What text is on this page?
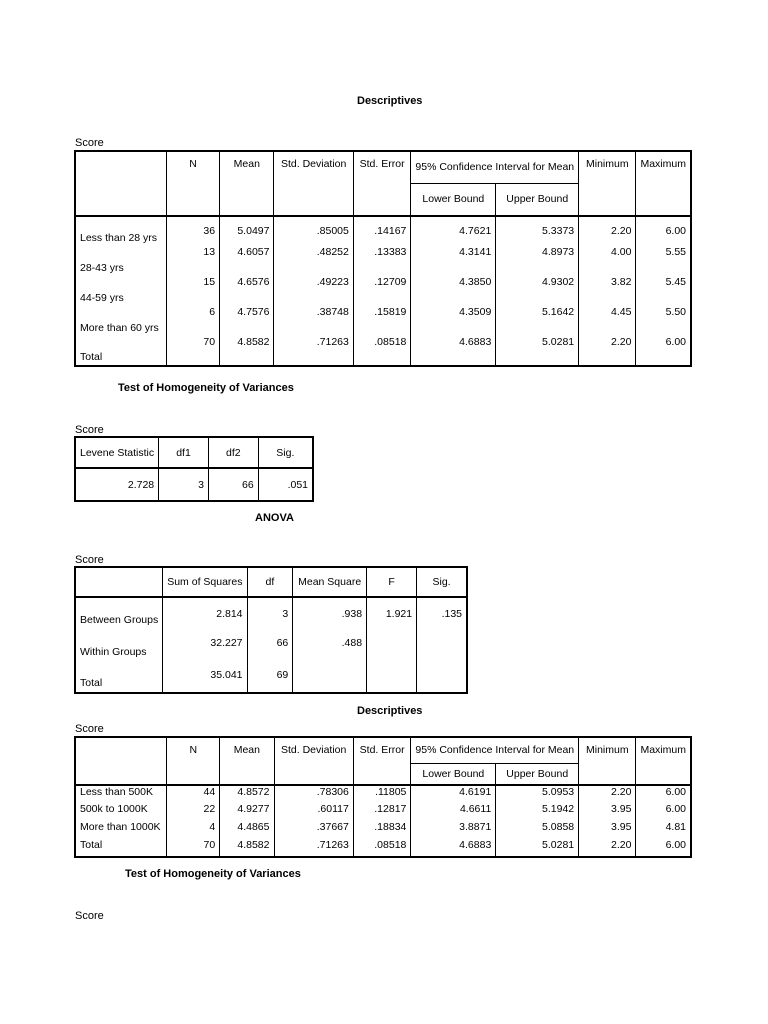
Descriptives
Score
	N	Mean	Std. Deviation	Std. Error	95% Confidence Interval for Mean		Minimum	Maximum
					Lower Bound	Upper Bound		
Less than 28 yrs	36	5.0497	.85005	.14167	4.7621	5.3373	2.20	6.00
28-43 yrs	13	4.6057	.48252	.13383	4.3141	4.8973	4.00	5.55
44-59 yrs	15	4.6576	.49223	.12709	4.3850	4.9302	3.82	5.45
More than 60 yrs	6	4.7576	.38748	.15819	4.3509	5.1642	4.45	5.50
Total	70	4.8582	.71263	.08518	4.6883	5.0281	2.20	6.00
Test of Homogeneity of Variances
Score
Levene Statistic	df1	df2	Sig.
2.728	3	66	.051
ANOVA
Score
	Sum of Squares	df	Mean Square	F	Sig.
Between Groups	2.814	3	.938	1.921	.135
Within Groups	32.227	66	.488		
Total	35.041	69			
Descriptives
Score
	N	Mean	Std. Deviation	Std. Error	95% Confidence Interval for Mean		Minimum	Maximum
					Lower Bound	Upper Bound		
Less than 500K	44	4.8572	.78306	.11805	4.6191	5.0953	2.20	6.00
500k to 1000K	22	4.9277	.60117	.12817	4.6611	5.1942	3.95	6.00
More than 1000K	4	4.4865	.37667	.18834	3.8871	5.0858	3.95	4.81
Total	70	4.8582	.71263	.08518	4.6883	5.0281	2.20	6.00
Test of Homogeneity of Variances
Score
